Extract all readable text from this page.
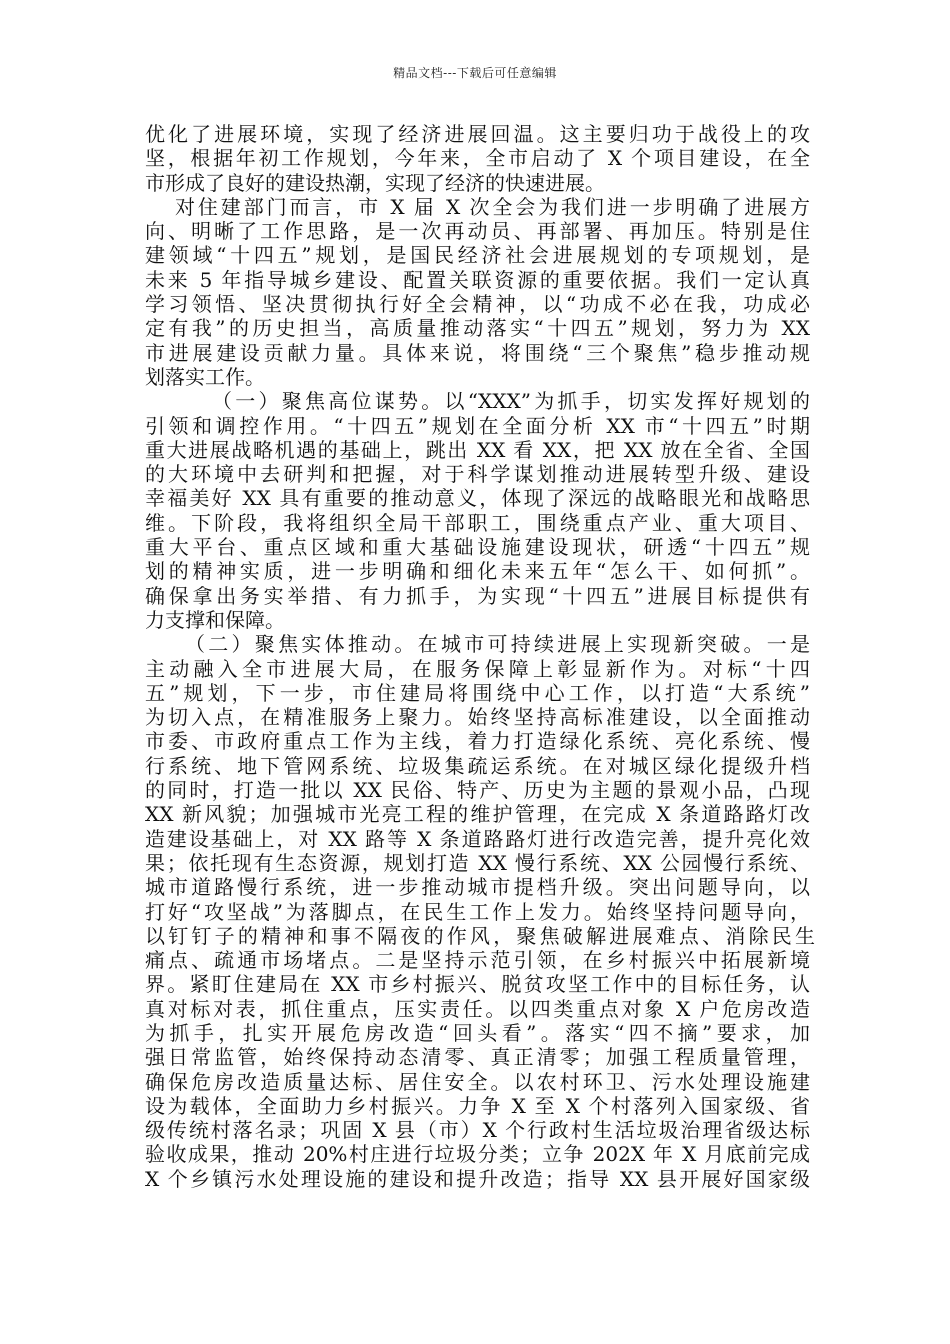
精品文档---下载后可任意编辑
优化了进展环境，实现了经济进展回温。这主要归功于战役上的攻
坚，根据年初工作规划，今年来，全市启动了 X 个项目建设，在全
市形成了良好的建设热潮，实现了经济的快速进展。
对住建部门而言，市 X 届 X 次全会为我们进一步明确了进展方
向、明晰了工作思路，是一次再动员、再部署、再加压。特别是住
建领域“十四五”规划，是国民经济社会进展规划的专项规划，是
未来 5 年指导城乡建设、配置关联资源的重要依据。我们一定认真
学习领悟、坚决贯彻执行好全会精神，以“功成不必在我，功成必
定有我”的历史担当，高质量推动落实“十四五”规划，努力为 XX
市进展建设贡献力量。具体来说，将围绕“三个聚焦”稳步推动规
划落实工作。
（一）聚焦高位谋势。以“XXX”为抓手，切实发挥好规划的
引领和调控作用。“十四五”规划在全面分析 XX 市“十四五”时期
重大进展战略机遇的基础上，跳出 XX 看 XX，把 XX 放在全省、全国
的大环境中去研判和把握，对于科学谋划推动进展转型升级、建设
幸福美好 XX 具有重要的推动意义，体现了深远的战略眼光和战略思
维。下阶段，我将组织全局干部职工，围绕重点产业、重大项目、
重大平台、重点区域和重大基础设施建设现状，研透“十四五”规
划的精神实质，进一步明确和细化未来五年“怎么干、如何抓”。
确保拿出务实举措、有力抓手，为实现“十四五”进展目标提供有
力支撑和保障。
（二）聚焦实体推动。在城市可持续进展上实现新突破。一是
主动融入全市进展大局，在服务保障上彰显新作为。对标“十四
五”规划，下一步，市住建局将围绕中心工作，以打造“大系统”
为切入点，在精准服务上聚力。始终坚持高标准建设，以全面推动
市委、市政府重点工作为主线，着力打造绿化系统、亮化系统、慢
行系统、地下管网系统、垃圾集疏运系统。在对城区绿化提级升档
的同时，打造一批以 XX 民俗、特产、历史为主题的景观小品，凸现
XX 新风貌；加强城市光亮工程的维护管理，在完成 X 条道路路灯改
造建设基础上，对 XX 路等 X 条道路路灯进行改造完善，提升亮化效
果；依托现有生态资源，规划打造 XX 慢行系统、XX 公园慢行系统、
城市道路慢行系统，进一步推动城市提档升级。突出问题导向，以
打好“攻坚战”为落脚点，在民生工作上发力。始终坚持问题导向，
以钉钉子的精神和事不隔夜的作风，聚焦破解进展难点、消除民生
痛点、疏通市场堵点。二是坚持示范引领，在乡村振兴中拓展新境
界。紧盯住建局在 XX 市乡村振兴、脱贫攻坚工作中的目标任务，认
真对标对表，抓住重点，压实责任。以四类重点对象 X 户危房改造
为抓手，扎实开展危房改造“回头看”。落实“四不摘”要求，加
强日常监管，始终保持动态清零、真正清零；加强工程质量管理，
确保危房改造质量达标、居住安全。以农村环卫、污水处理设施建
设为载体，全面助力乡村振兴。力争 X 至 X 个村落列入国家级、省
级传统村落名录；巩固 X 县（市）X 个行政村生活垃圾治理省级达标
验收成果，推动 20%村庄进行垃圾分类；立争 202X 年 X 月底前完成
X 个乡镇污水处理设施的建设和提升改造；指导 XX 县开展好国家级
